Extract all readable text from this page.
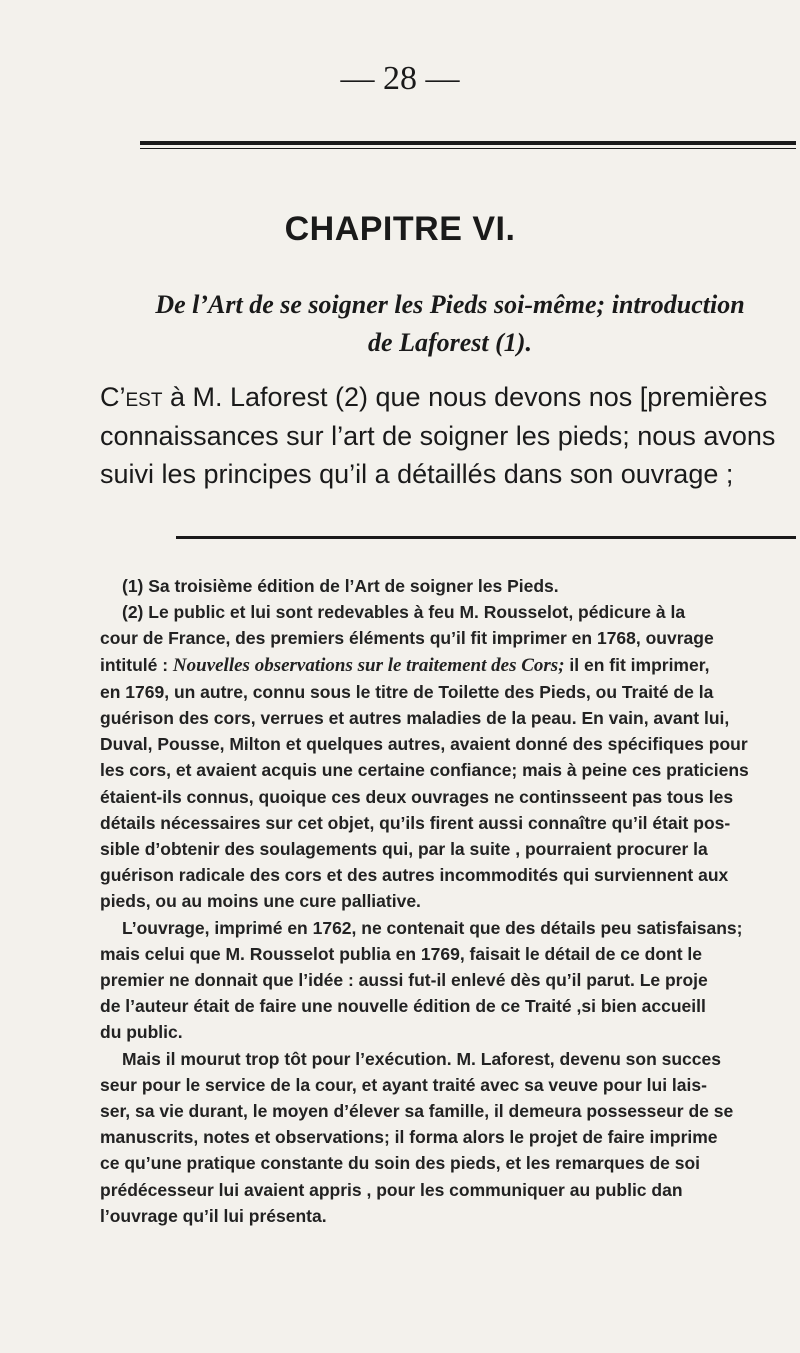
— 28 —
CHAPITRE VI.
De l’Art de se soigner les Pieds soi-même; introduction
de Laforest (1).
C’est à M. Laforest (2) que nous devons nos [premières
connaissances sur l’art de soigner les pieds; nous avons
suivi les principes qu’il a détaillés dans son ouvrage ;
(1) Sa troisième édition de l’Art de soigner les Pieds.
(2) Le public et lui sont redevables à feu M. Rousselot, pédicure à la
cour de France, des premiers éléments qu’il fit imprimer en 1768, ouvrage
intitulé : Nouvelles observations sur le traitement des Cors; il en fit imprimer,
en 1769, un autre, connu sous le titre de Toilette des Pieds, ou Traité de la
guérison des cors, verrues et autres maladies de la peau. En vain, avant lui,
Duval, Pousse, Milton et quelques autres, avaient donné des spécifiques pour
les cors, et avaient acquis une certaine confiance; mais à peine ces praticiens
étaient-ils connus, quoique ces deux ouvrages ne continsseent pas tous les
détails nécessaires sur cet objet, qu’ils firent aussi connaître qu’il était pos-
sible d’obtenir des soulagements qui, par la suite , pourraient procurer la
guérison radicale des cors et des autres incommodités qui surviennent aux
pieds, ou au moins une cure palliative.
L’ouvrage, imprimé en 1762, ne contenait que des détails peu satisfaisans;
mais celui que M. Rousselot publia en 1769, faisait le détail de ce dont le
premier ne donnait que l’idée : aussi fut-il enlevé dès qu’il parut. Le proje
de l’auteur était de faire une nouvelle édition de ce Traité ,si bien accueill
du public.
Mais il mourut trop tôt pour l’exécution. M. Laforest, devenu son succes
seur pour le service de la cour, et ayant traité avec sa veuve pour lui lais-
ser, sa vie durant, le moyen d’élever sa famille, il demeura possesseur de se
manuscrits, notes et observations; il forma alors le projet de faire imprime
ce qu’une pratique constante du soin des pieds, et les remarques de soi
prédécesseur lui avaient appris , pour les communiquer au public dan
l’ouvrage qu’il lui présenta.
